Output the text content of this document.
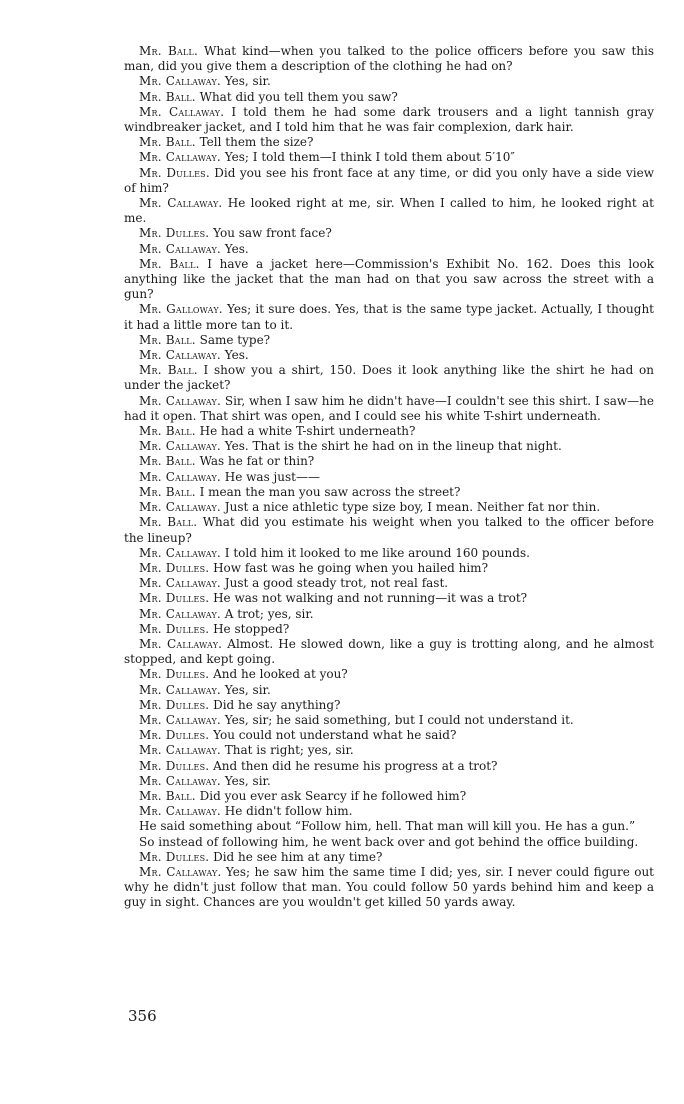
Mr. Ball. What kind—when you talked to the police officers before you saw this man, did you give them a description of the clothing he had on?

Mr. Callaway. Yes, sir.

Mr. Ball. What did you tell them you saw?

Mr. Callaway. I told them he had some dark trousers and a light tannish gray windbreaker jacket, and I told him that he was fair complexion, dark hair.

Mr. Ball. Tell them the size?

Mr. Callaway. Yes; I told them—I think I told them about 5′10″

Mr. Dulles. Did you see his front face at any time, or did you only have a side view of him?

Mr. Callaway. He looked right at me, sir. When I called to him, he looked right at me.

Mr. Dulles. You saw front face?

Mr. Callaway. Yes.

Mr. Ball. I have a jacket here—Commission's Exhibit No. 162. Does this look anything like the jacket that the man had on that you saw across the street with a gun?

Mr. Galloway. Yes; it sure does. Yes, that is the same type jacket. Actually, I thought it had a little more tan to it.

Mr. Ball. Same type?

Mr. Callaway. Yes.

Mr. Ball. I show you a shirt, 150. Does it look anything like the shirt he had on under the jacket?

Mr. Callaway. Sir, when I saw him he didn't have—I couldn't see this shirt. I saw—he had it open. That shirt was open, and I could see his white T-shirt underneath.

Mr. Ball. He had a white T-shirt underneath?

Mr. Callaway. Yes. That is the shirt he had on in the lineup that night.

Mr. Ball. Was he fat or thin?

Mr. Callaway. He was just——

Mr. Ball. I mean the man you saw across the street?

Mr. Callaway. Just a nice athletic type size boy, I mean. Neither fat nor thin.

Mr. Ball. What did you estimate his weight when you talked to the officer before the lineup?

Mr. Callaway. I told him it looked to me like around 160 pounds.

Mr. Dulles. How fast was he going when you hailed him?

Mr. Callaway. Just a good steady trot, not real fast.

Mr. Dulles. He was not walking and not running—it was a trot?

Mr. Callaway. A trot; yes, sir.

Mr. Dulles. He stopped?

Mr. Callaway. Almost. He slowed down, like a guy is trotting along, and he almost stopped, and kept going.

Mr. Dulles. And he looked at you?

Mr. Callaway. Yes, sir.

Mr. Dulles. Did he say anything?

Mr. Callaway. Yes, sir; he said something, but I could not understand it.

Mr. Dulles. You could not understand what he said?

Mr. Callaway. That is right; yes, sir.

Mr. Dulles. And then did he resume his progress at a trot?

Mr. Callaway. Yes, sir.

Mr. Ball. Did you ever ask Searcy if he followed him?

Mr. Callaway. He didn't follow him.

He said something about “Follow him, hell. That man will kill you. He has a gun.”

So instead of following him, he went back over and got behind the office building.

Mr. Dulles. Did he see him at any time?

Mr. Callaway. Yes; he saw him the same time I did; yes, sir. I never could figure out why he didn't just follow that man. You could follow 50 yards behind him and keep a guy in sight. Chances are you wouldn't get killed 50 yards away.

356
